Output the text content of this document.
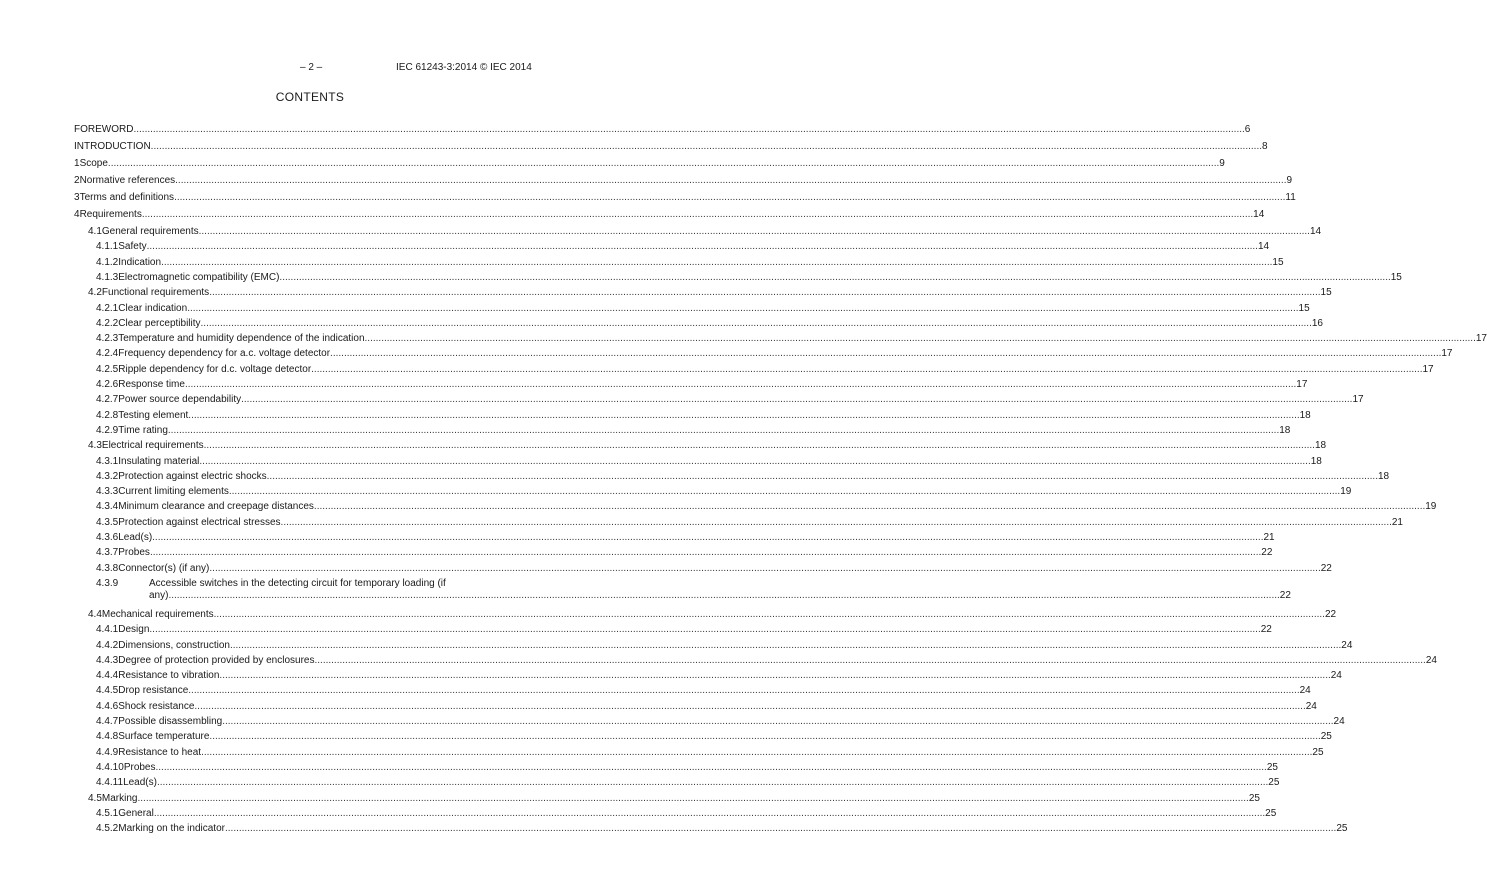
– 2 –	IEC 61243-3:2014 © IEC 2014
CONTENTS
FOREWORD ................................................................................................................................................................................................................................................................................................................................................................................................................ 6
INTRODUCTION ................................................................................................................................................................................................................................................................................................................................................................................................................ 8
1 Scope ................................................................................................................................................................................................................................................................................................................................................................................................................ 9
2 Normative references ................................................................................................................................................................................................................................................................................................................................................................................................................ 9
3 Terms and definitions ................................................................................................................................................................................................................................................................................................................................................................................................................ 11
4 Requirements ................................................................................................................................................................................................................................................................................................................................................................................................................ 14
4.1 General requirements ................................................................................................................................................................................................................................................................................................................................................................................................................ 14
4.1.1 Safety ................................................................................................................................................................................................................................................................................................................................................................................................................ 14
4.1.2 Indication ................................................................................................................................................................................................................................................................................................................................................................................................................ 15
4.1.3 Electromagnetic compatibility (EMC) ................................................................................................................................................................................................................................................................................................................................................................................................................ 15
4.2 Functional requirements ................................................................................................................................................................................................................................................................................................................................................................................................................ 15
4.2.1 Clear indication ................................................................................................................................................................................................................................................................................................................................................................................................................ 15
4.2.2 Clear perceptibility ................................................................................................................................................................................................................................................................................................................................................................................................................ 16
4.2.3 Temperature and humidity dependence of the indication ................................................................................................................................................................................................................................................................................................................................................................................................................ 17
4.2.4 Frequency dependency for a.c. voltage detector ................................................................................................................................................................................................................................................................................................................................................................................................................ 17
4.2.5 Ripple dependency for d.c. voltage detector ................................................................................................................................................................................................................................................................................................................................................................................................................ 17
4.2.6 Response time ................................................................................................................................................................................................................................................................................................................................................................................................................ 17
4.2.7 Power source dependability ................................................................................................................................................................................................................................................................................................................................................................................................................ 17
4.2.8 Testing element ................................................................................................................................................................................................................................................................................................................................................................................................................ 18
4.2.9 Time rating ................................................................................................................................................................................................................................................................................................................................................................................................................ 18
4.3 Electrical requirements ................................................................................................................................................................................................................................................................................................................................................................................................................ 18
4.3.1 Insulating material ................................................................................................................................................................................................................................................................................................................................................................................................................ 18
4.3.2 Protection against electric shocks ................................................................................................................................................................................................................................................................................................................................................................................................................ 18
4.3.3 Current limiting elements ................................................................................................................................................................................................................................................................................................................................................................................................................ 19
4.3.4 Minimum clearance and creepage distances ................................................................................................................................................................................................................................................................................................................................................................................................................ 19
4.3.5 Protection against electrical stresses ................................................................................................................................................................................................................................................................................................................................................................................................................ 21
4.3.6 Lead(s) ................................................................................................................................................................................................................................................................................................................................................................................................................ 21
4.3.7 Probes ................................................................................................................................................................................................................................................................................................................................................................................................................ 22
4.3.8 Connector(s) (if any) ................................................................................................................................................................................................................................................................................................................................................................................................................ 22
4.3.9	Accessible switches in the detecting circuit for temporary loading (if
any) ................................................................................................................................................................................................................................................................................................................................................................................................................ 22
4.4 Mechanical requirements ................................................................................................................................................................................................................................................................................................................................................................................................................ 22
4.4.1 Design ................................................................................................................................................................................................................................................................................................................................................................................................................ 22
4.4.2 Dimensions, construction ................................................................................................................................................................................................................................................................................................................................................................................................................ 24
4.4.3 Degree of protection provided by enclosures ................................................................................................................................................................................................................................................................................................................................................................................................................ 24
4.4.4 Resistance to vibration ................................................................................................................................................................................................................................................................................................................................................................................................................ 24
4.4.5 Drop resistance ................................................................................................................................................................................................................................................................................................................................................................................................................ 24
4.4.6 Shock resistance ................................................................................................................................................................................................................................................................................................................................................................................................................ 24
4.4.7 Possible disassembling ................................................................................................................................................................................................................................................................................................................................................................................................................ 24
4.4.8 Surface temperature ................................................................................................................................................................................................................................................................................................................................................................................................................ 25
4.4.9 Resistance to heat ................................................................................................................................................................................................................................................................................................................................................................................................................ 25
4.4.10 Probes ................................................................................................................................................................................................................................................................................................................................................................................................................ 25
4.4.11 Lead(s) ................................................................................................................................................................................................................................................................................................................................................................................................................ 25
4.5 Marking ................................................................................................................................................................................................................................................................................................................................................................................................................ 25
4.5.1 General ................................................................................................................................................................................................................................................................................................................................................................................................................ 25
4.5.2 Marking on the indicator ................................................................................................................................................................................................................................................................................................................................................................................................................ 25
